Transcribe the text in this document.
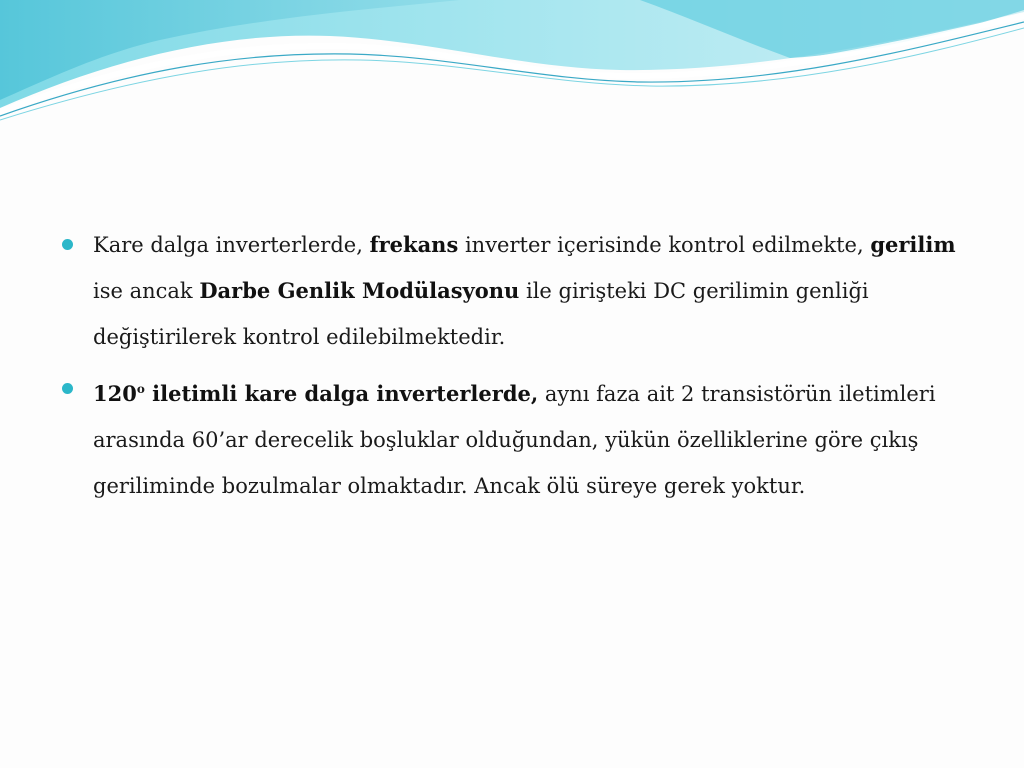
Kare dalga inverterlerde, frekans inverter içerisinde kontrol edilmekte, gerilim ise ancak Darbe Genlik Modülasyonu ile girişteki DC gerilimin genliği değiştirilerek kontrol edilebilmektedir.

120$^o$ iletimli kare dalga inverterlerde, aynı faza ait 2 transistörün iletimleri arasında 60’ar derecelik boşluklar olduğundan, yükün özelliklerine göre çıkış geriliminde bozulmalar olmaktadır. Ancak ölü süreye gerek yoktur.
